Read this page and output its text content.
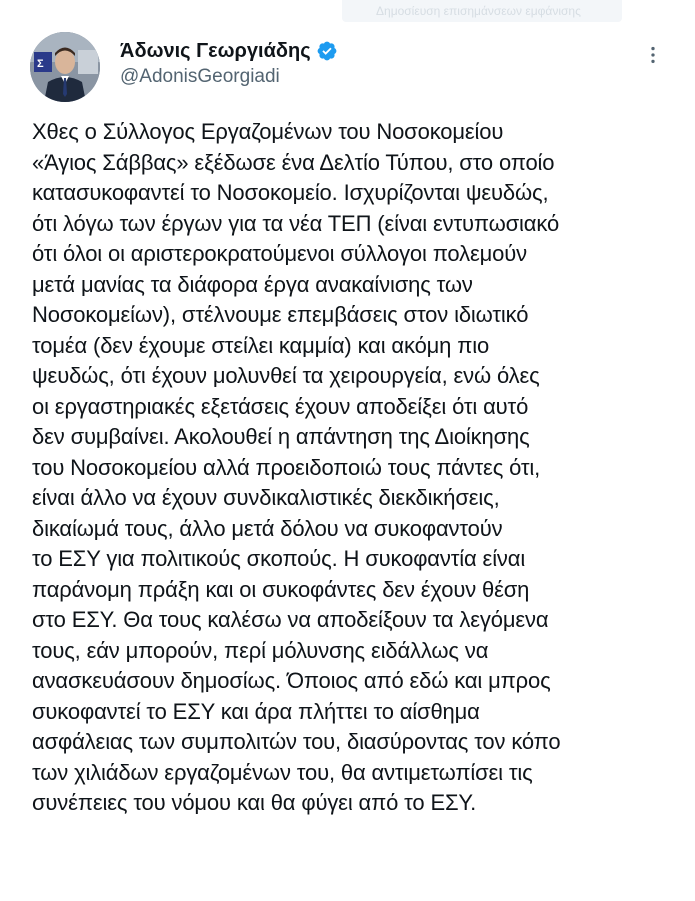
Δημοσίευση επισημάνσεων εμφάνισης
Σ
Άδωνις Γεωργιάδης
@AdonisGeorgiadi
Χθες ο Σύλλογος Εργαζομένων του Νοσοκομείου
«Άγιος Σάββας» εξέδωσε ένα Δελτίο Τύπου, στο οποίο
κατασυκοφαντεί το Νοσοκομείο. Ισχυρίζονται ψευδώς,
ότι λόγω των έργων για τα νέα ΤΕΠ (είναι εντυπωσιακό
ότι όλοι οι αριστεροκρατούμενοι σύλλογοι πολεμούν
μετά μανίας τα διάφορα έργα ανακαίνισης των
Νοσοκομείων), στέλνουμε επεμβάσεις στον ιδιωτικό
τομέα (δεν έχουμε στείλει καμμία) και ακόμη πιο
ψευδώς, ότι έχουν μολυνθεί τα χειρουργεία, ενώ όλες
οι εργαστηριακές εξετάσεις έχουν αποδείξει ότι αυτό
δεν συμβαίνει. Ακολουθεί η απάντηση της Διοίκησης
του Νοσοκομείου αλλά προειδοποιώ τους πάντες ότι,
είναι άλλο να έχουν συνδικαλιστικές διεκδικήσεις,
δικαίωμά τους, άλλο μετά δόλου να συκοφαντούν
το ΕΣΥ για πολιτικούς σκοπούς. Η συκοφαντία είναι
παράνομη πράξη και οι συκοφάντες δεν έχουν θέση
στο ΕΣΥ. Θα τους καλέσω να αποδείξουν τα λεγόμενα
τους, εάν μπορούν, περί μόλυνσης ειδάλλως να
ανασκευάσουν δημοσίως. Όποιος από εδώ και μπρος
συκοφαντεί το ΕΣΥ και άρα πλήττει το αίσθημα
ασφάλειας των συμπολιτών του, διασύροντας τον κόπο
των χιλιάδων εργαζομένων του, θα αντιμετωπίσει τις
συνέπειες του νόμου και θα φύγει από το ΕΣΥ.
